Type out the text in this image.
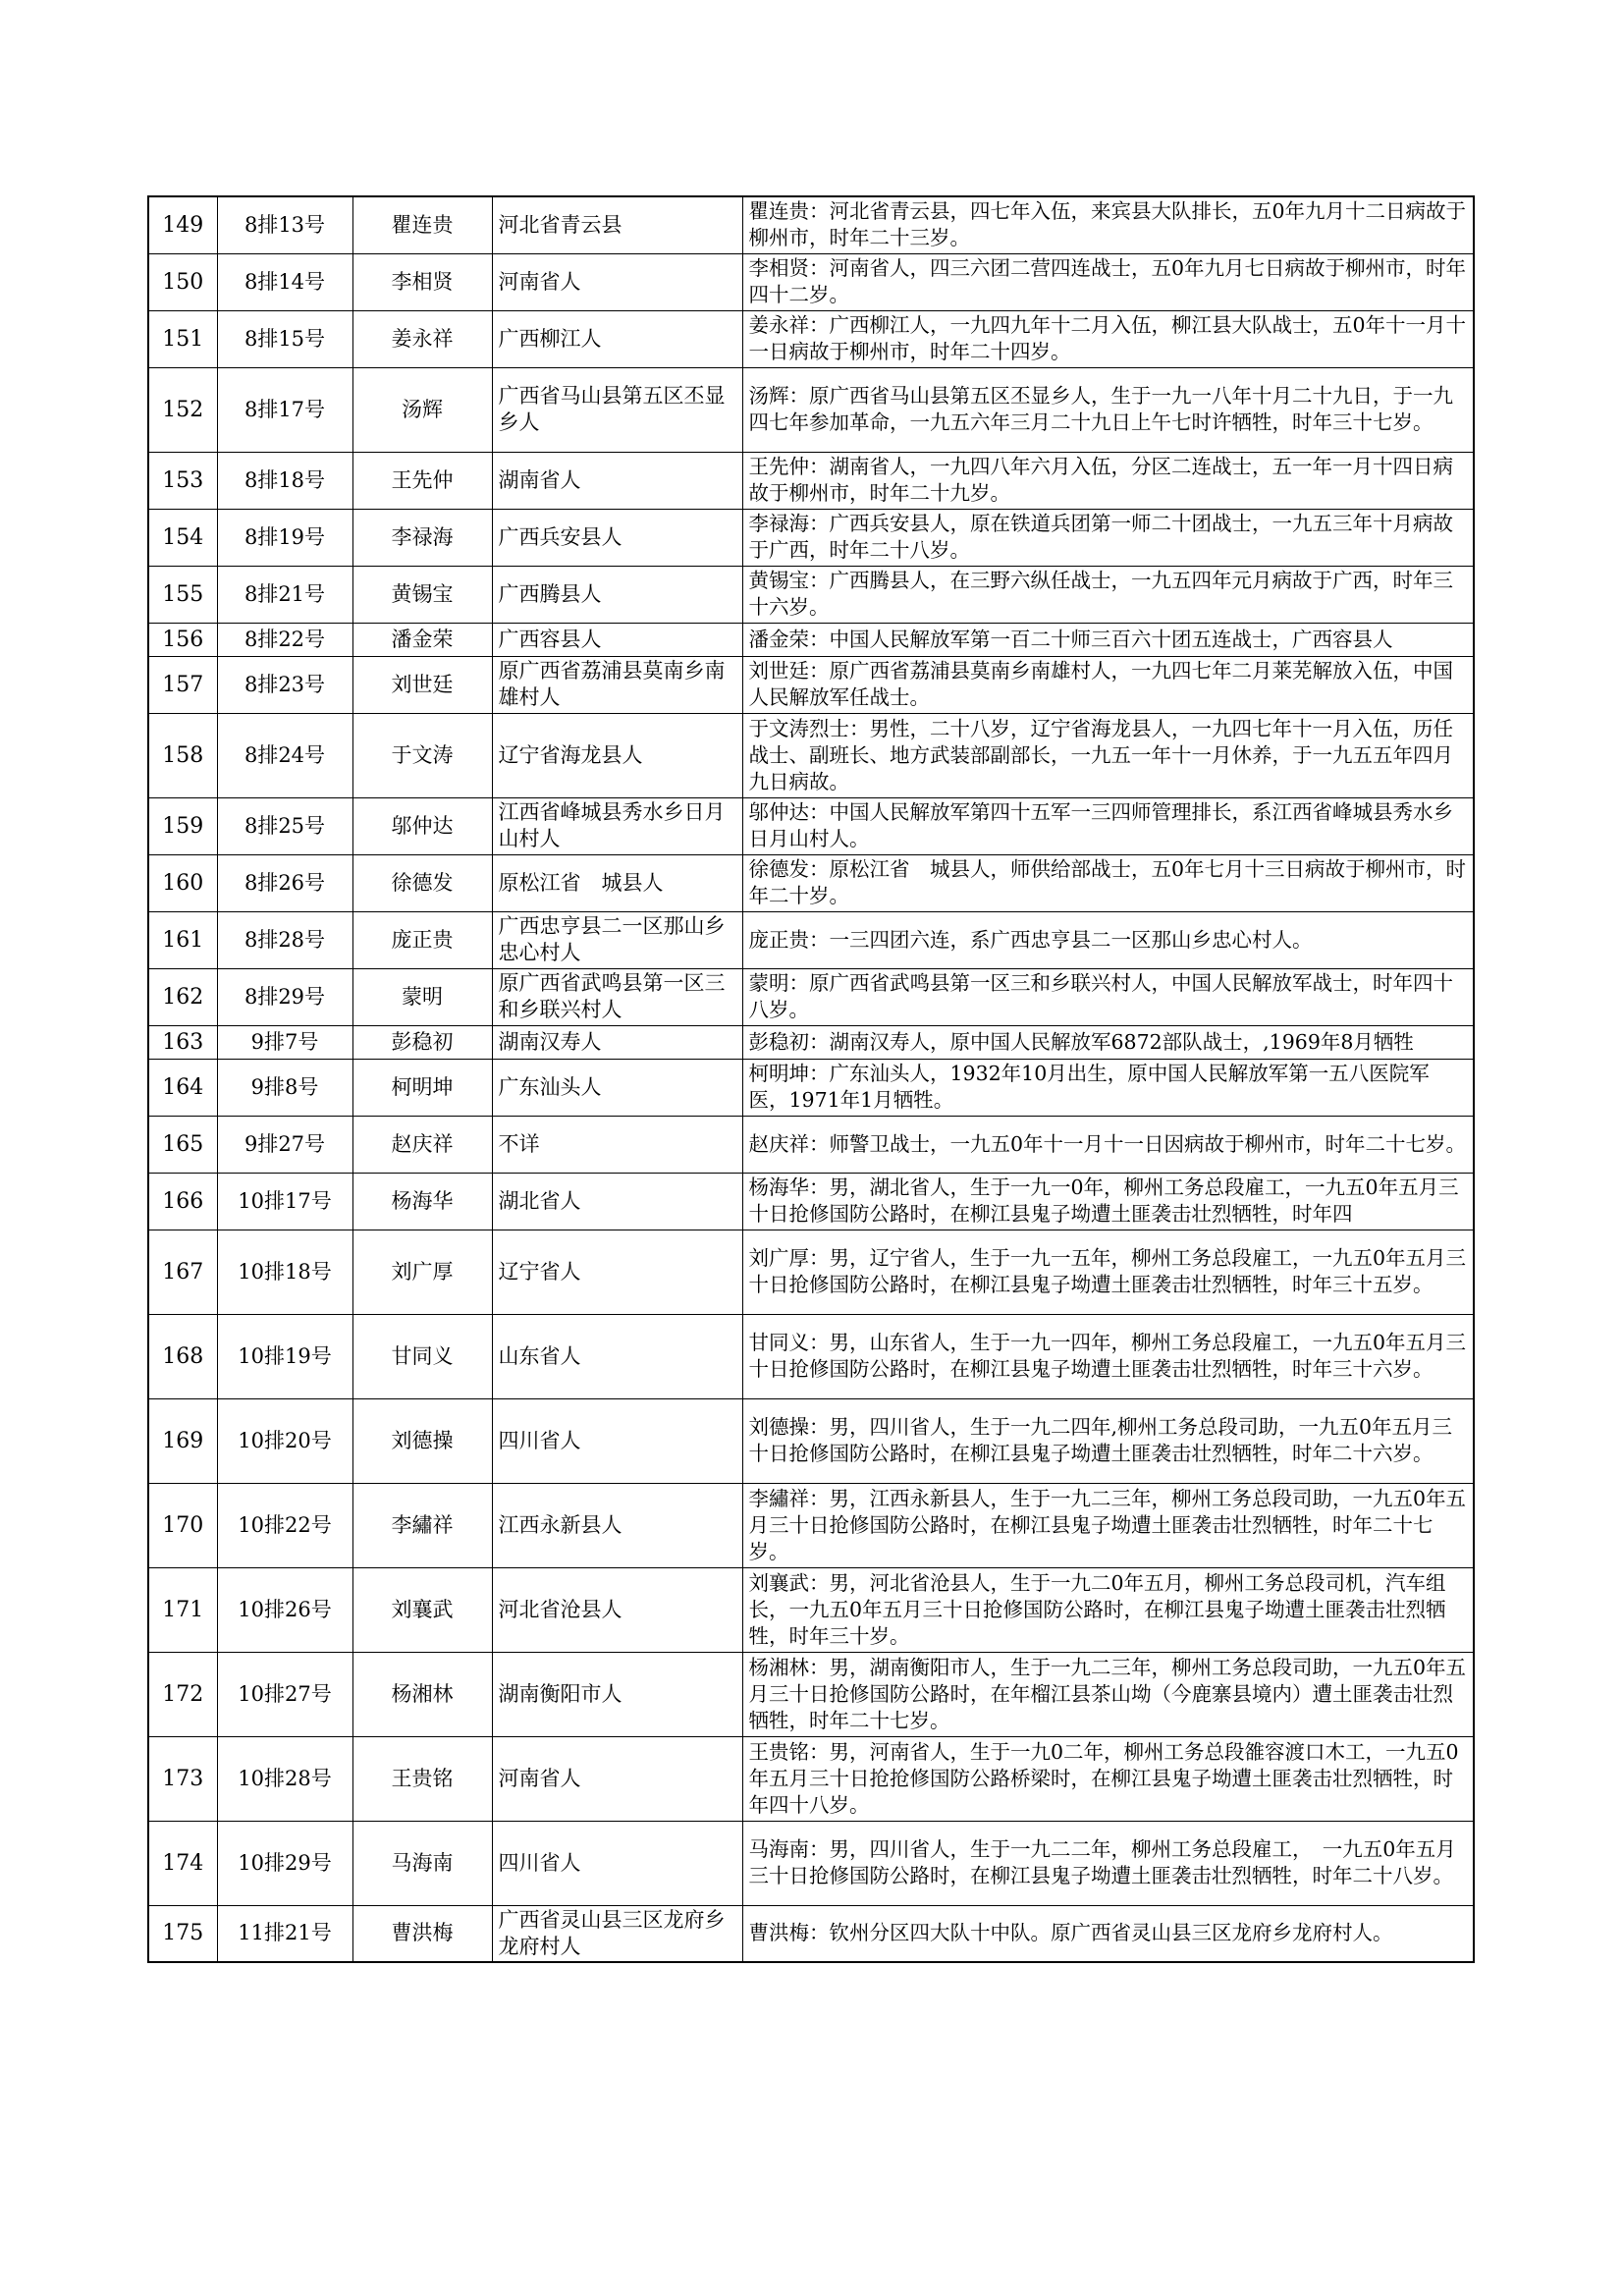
149	8排13号	瞿连贵	河北省青云县	瞿连贵：河北省青云县，四七年入伍，来宾县大队排长，五0年九月十二日病故于柳州市，时年二十三岁。
150	8排14号	李相贤	河南省人	李相贤：河南省人，四三六团二营四连战士，五0年九月七日病故于柳州市，时年四十二岁。
151	8排15号	姜永祥	广西柳江人	姜永祥：广西柳江人，一九四九年十二月入伍，柳江县大队战士，五0年十一月十一日病故于柳州市，时年二十四岁。
152	8排17号	汤辉	广西省马山县第五区丕显乡人	汤辉：原广西省马山县第五区丕显乡人，生于一九一八年十月二十九日，于一九四七年参加革命，一九五六年三月二十九日上午七时许牺牲，时年三十七岁。
153	8排18号	王先仲	湖南省人	王先仲：湖南省人，一九四八年六月入伍，分区二连战士，五一年一月十四日病故于柳州市，时年二十九岁。
154	8排19号	李禄海	广西兵安县人	李禄海：广西兵安县人，原在铁道兵团第一师二十团战士，一九五三年十月病故于广西，时年二十八岁。
155	8排21号	黄锡宝	广西腾县人	黄锡宝：广西腾县人，在三野六纵任战士，一九五四年元月病故于广西，时年三十六岁。
156	8排22号	潘金荣	广西容县人	潘金荣：中国人民解放军第一百二十师三百六十团五连战士，广西容县人
157	8排23号	刘世廷	原广西省荔浦县莫南乡南雄村人	刘世廷：原广西省荔浦县莫南乡南雄村人，一九四七年二月莱芜解放入伍，中国人民解放军任战士。
158	8排24号	于文涛	辽宁省海龙县人	于文涛烈士：男性，二十八岁，辽宁省海龙县人，一九四七年十一月入伍，历任战士、副班长、地方武装部副部长，一九五一年十一月休养，于一九五五年四月九日病故。
159	8排25号	邬仲达	江西省峰城县秀水乡日月山村人	邬仲达：中国人民解放军第四十五军一三四师管理排长，系江西省峰城县秀水乡日月山村人。
160	8排26号	徐德发	原松江省　城县人	徐德发：原松江省　城县人，师供给部战士，五0年七月十三日病故于柳州市，时年二十岁。
161	8排28号	庞正贵	广西忠亨县二一区那山乡忠心村人	庞正贵：一三四团六连，系广西忠亨县二一区那山乡忠心村人。
162	8排29号	蒙明	原广西省武鸣县第一区三和乡联兴村人	蒙明：原广西省武鸣县第一区三和乡联兴村人，中国人民解放军战士，时年四十八岁。
163	9排7号	彭稳初	湖南汉寿人	彭稳初：湖南汉寿人，原中国人民解放军6872部队战士，,1969年8月牺牲
164	9排8号	柯明坤	广东汕头人	柯明坤：广东汕头人，1932年10月出生，原中国人民解放军第一五八医院军医，1971年1月牺牲。
165	9排27号	赵庆祥	不详	赵庆祥：师警卫战士，一九五0年十一月十一日因病故于柳州市，时年二十七岁。
166	10排17号	杨海华	湖北省人	杨海华：男，湖北省人，生于一九一0年，柳州工务总段雇工，一九五0年五月三十日抢修国防公路时，在柳江县鬼子坳遭土匪袭击壮烈牺牲，时年四
167	10排18号	刘广厚	辽宁省人	刘广厚：男，辽宁省人，生于一九一五年，柳州工务总段雇工，一九五0年五月三十日抢修国防公路时，在柳江县鬼子坳遭土匪袭击壮烈牺牲，时年三十五岁。
168	10排19号	甘同义	山东省人	甘同义：男，山东省人，生于一九一四年，柳州工务总段雇工，一九五0年五月三十日抢修国防公路时，在柳江县鬼子坳遭土匪袭击壮烈牺牲，时年三十六岁。
169	10排20号	刘德操	四川省人	刘德操：男，四川省人，生于一九二四年,柳州工务总段司助，一九五0年五月三十日抢修国防公路时，在柳江县鬼子坳遭土匪袭击壮烈牺牲，时年二十六岁。
170	10排22号	李繡祥	江西永新县人	李繡祥：男，江西永新县人，生于一九二三年，柳州工务总段司助，一九五0年五月三十日抢修国防公路时，在柳江县鬼子坳遭土匪袭击壮烈牺牲，时年二十七岁。
171	10排26号	刘襄武	河北省沧县人	刘襄武：男，河北省沧县人，生于一九二0年五月，柳州工务总段司机，汽车组长，一九五0年五月三十日抢修国防公路时，在柳江县鬼子坳遭土匪袭击壮烈牺牲，时年三十岁。
172	10排27号	杨湘林	湖南衡阳市人	杨湘林：男，湖南衡阳市人，生于一九二三年，柳州工务总段司助，一九五0年五月三十日抢修国防公路时，在年榴江县茶山坳（今鹿寨县境内）遭土匪袭击壮烈牺牲，时年二十七岁。
173	10排28号	王贵铭	河南省人	王贵铭：男，河南省人，生于一九0二年，柳州工务总段雒容渡口木工，一九五0年五月三十日抢抢修国防公路桥梁时，在柳江县鬼子坳遭土匪袭击壮烈牺牲，时年四十八岁。
174	10排29号	马海南	四川省人	马海南：男，四川省人，生于一九二二年，柳州工务总段雇工，　一九五0年五月三十日抢修国防公路时，在柳江县鬼子坳遭土匪袭击壮烈牺牲，时年二十八岁。
175	11排21号	曹洪梅	广西省灵山县三区龙府乡龙府村人	曹洪梅：钦州分区四大队十中队。原广西省灵山县三区龙府乡龙府村人。
